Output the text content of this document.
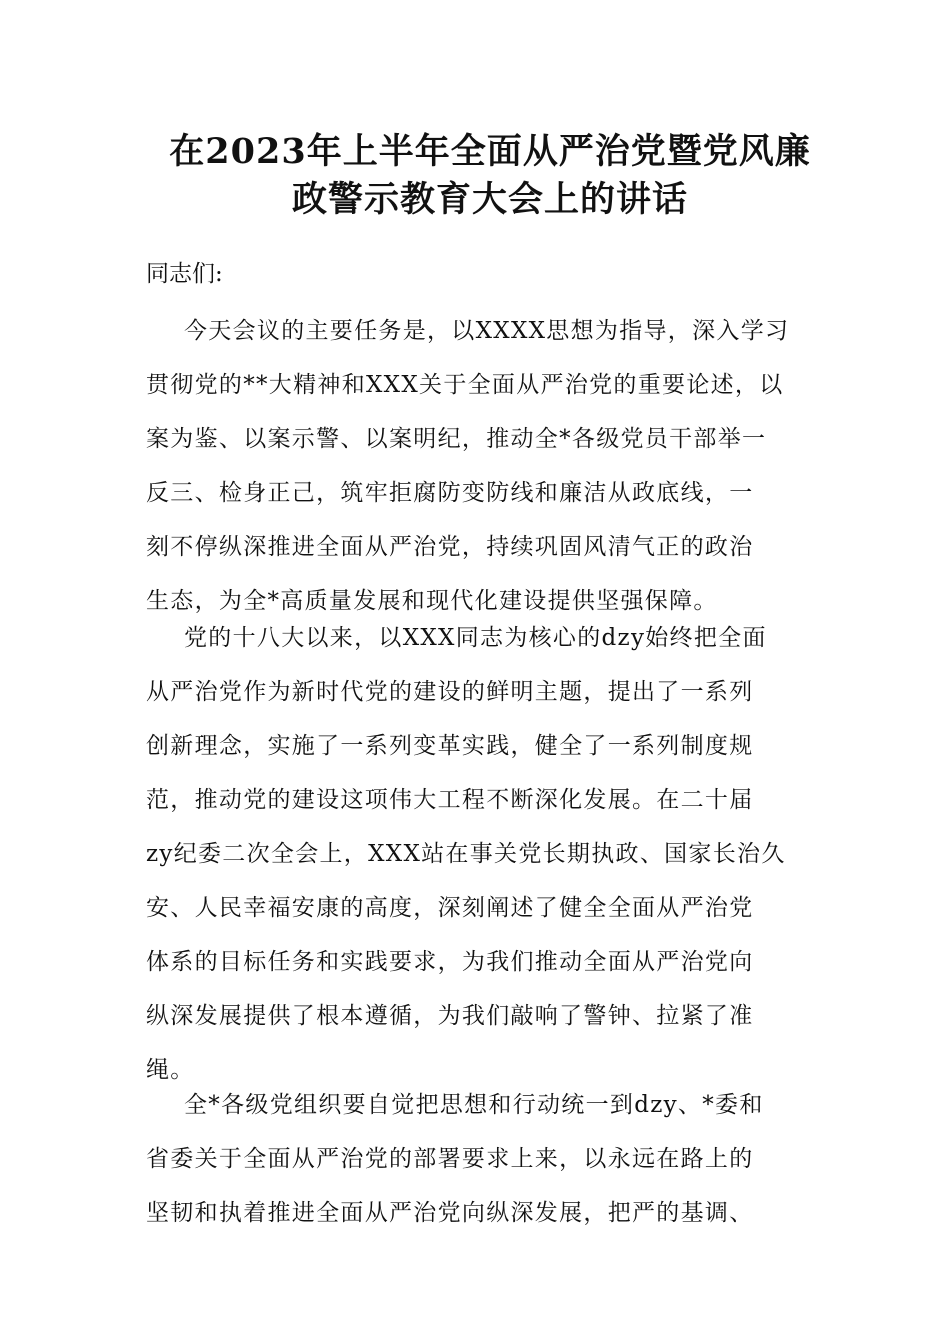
在2023年上半年全面从严治党暨党风廉
政警示教育大会上的讲话
同志们:
今天会议的主要任务是，以XXXX思想为指导，深入学习
贯彻党的**大精神和XXX关于全面从严治党的重要论述，以
案为鉴、以案示警、以案明纪，推动全*各级党员干部举一
反三、检身正己，筑牢拒腐防变防线和廉洁从政底线，一
刻不停纵深推进全面从严治党，持续巩固风清气正的政治
生态，为全*高质量发展和现代化建设提供坚强保障。
党的十八大以来，以XXX同志为核心的dzy始终把全面
从严治党作为新时代党的建设的鲜明主题，提出了一系列
创新理念，实施了一系列变革实践，健全了一系列制度规
范，推动党的建设这项伟大工程不断深化发展。在二十届
zy纪委二次全会上，XXX站在事关党长期执政、国家长治久
安、人民幸福安康的高度，深刻阐述了健全全面从严治党
体系的目标任务和实践要求，为我们推动全面从严治党向
纵深发展提供了根本遵循，为我们敲响了警钟、拉紧了准
绳。
全*各级党组织要自觉把思想和行动统一到dzy、*委和
省委关于全面从严治党的部署要求上来，以永远在路上的
坚韧和执着推进全面从严治党向纵深发展，把严的基调、
